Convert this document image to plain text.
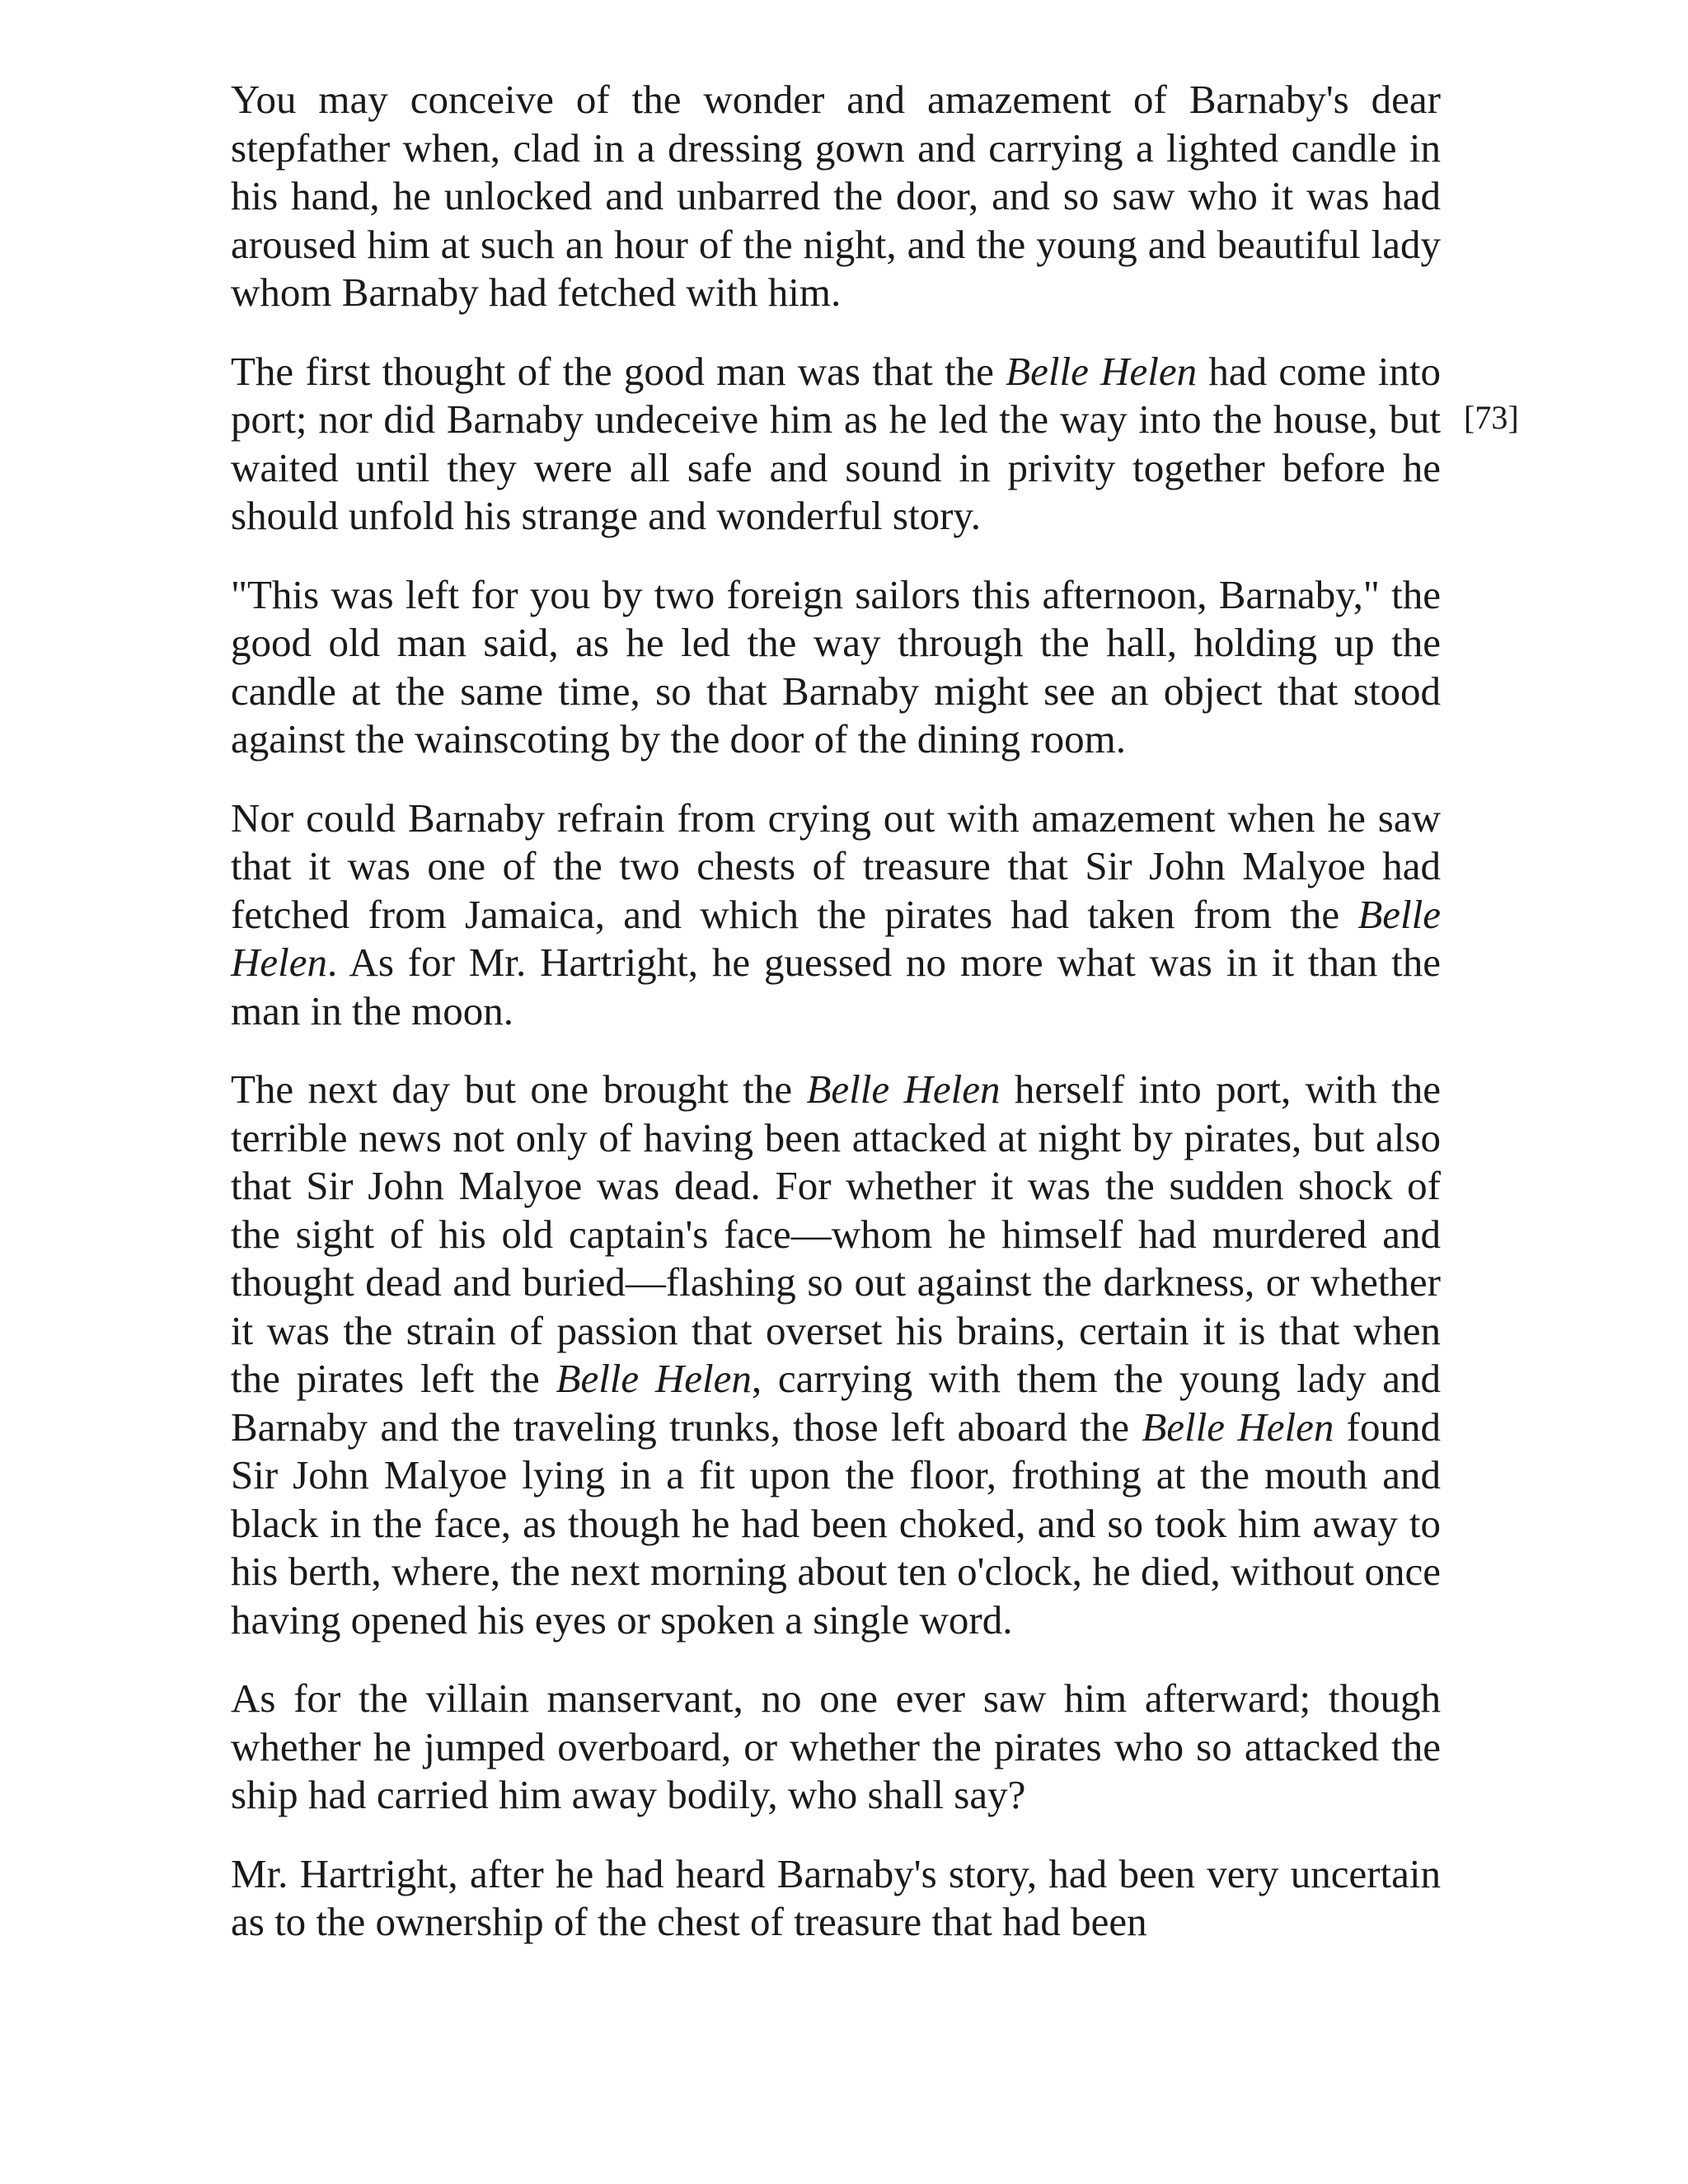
You may conceive of the wonder and amazement of Barnaby's dear stepfather when, clad in a dressing gown and carrying a lighted candle in his hand, he unlocked and unbarred the door, and so saw who it was had aroused him at such an hour of the night, and the young and beautiful lady whom Barnaby had fetched with him.

The first thought of the good man was that the Belle Helen had come into port; nor did Barnaby undeceive him as he led the way into the house, but waited until they were all safe and sound in privity together before he should unfold his strange and wonderful story.

"This was left for you by two foreign sailors this afternoon, Barnaby," the good old man said, as he led the way through the hall, holding up the candle at the same time, so that Barnaby might see an object that stood against the wainscoting by the door of the dining room.

Nor could Barnaby refrain from crying out with amazement when he saw that it was one of the two chests of treasure that Sir John Malyoe had fetched from Jamaica, and which the pirates had taken from the Belle Helen. As for Mr. Hartright, he guessed no more what was in it than the man in the moon.

The next day but one brought the Belle Helen herself into port, with the terrible news not only of having been attacked at night by pirates, but also that Sir John Malyoe was dead. For whether it was the sudden shock of the sight of his old captain's face—whom he himself had murdered and thought dead and buried—flashing so out against the darkness, or whether it was the strain of passion that overset his brains, certain it is that when the pirates left the Belle Helen, carrying with them the young lady and Barnaby and the traveling trunks, those left aboard the Belle Helen found Sir John Malyoe lying in a fit upon the floor, frothing at the mouth and black in the face, as though he had been choked, and so took him away to his berth, where, the next morning about ten o'clock, he died, without once having opened his eyes or spoken a single word.

As for the villain manservant, no one ever saw him afterward; though whether he jumped overboard, or whether the pirates who so attacked the ship had carried him away bodily, who shall say?

Mr. Hartright, after he had heard Barnaby's story, had been very uncertain as to the ownership of the chest of treasure that had been

[73]
